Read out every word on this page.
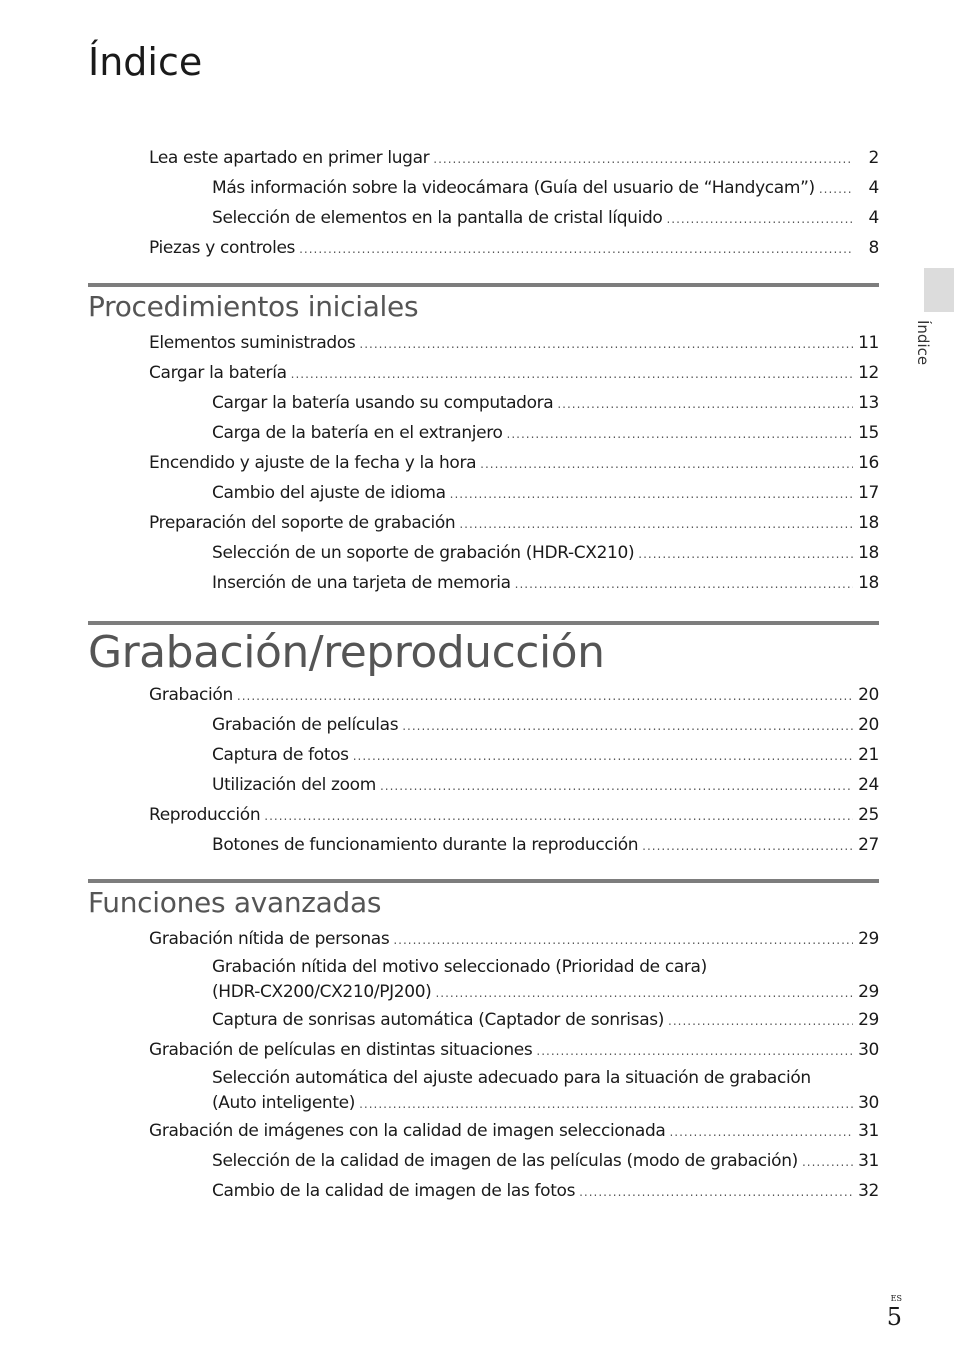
Índice
Lea este apartado en primer lugar .....	2
Más información sobre la videocámara (Guía del usuario de “Handycam”) .....	4
Selección de elementos en la pantalla de cristal líquido .....	4
Piezas y controles .....	8
Procedimientos iniciales
Elementos suministrados .....	11
Cargar la batería .....	12
Cargar la batería usando su computadora .....	13
Carga de la batería en el extranjero .....	15
Encendido y ajuste de la fecha y la hora .....	16
Cambio del ajuste de idioma .....	17
Preparación del soporte de grabación .....	18
Selección de un soporte de grabación (HDR-CX210) .....	18
Inserción de una tarjeta de memoria .....	18
Grabación/reproducción
Grabación .....	20
Grabación de películas .....	20
Captura de fotos .....	21
Utilización del zoom .....	24
Reproducción .....	25
Botones de funcionamiento durante la reproducción .....	27
Funciones avanzadas
Grabación nítida de personas .....	29
Grabación nítida del motivo seleccionado (Prioridad de cara)
(HDR-CX200/CX210/PJ200) .....	29
Captura de sonrisas automática (Captador de sonrisas) .....	29
Grabación de películas en distintas situaciones .....	30
Selección automática del ajuste adecuado para la situación de grabación
(Auto inteligente) .....	30
Grabación de imágenes con la calidad de imagen seleccionada .....	31
Selección de la calidad de imagen de las películas (modo de grabación) .....	31
Cambio de la calidad de imagen de las fotos .....	32
Índice
ES
5
